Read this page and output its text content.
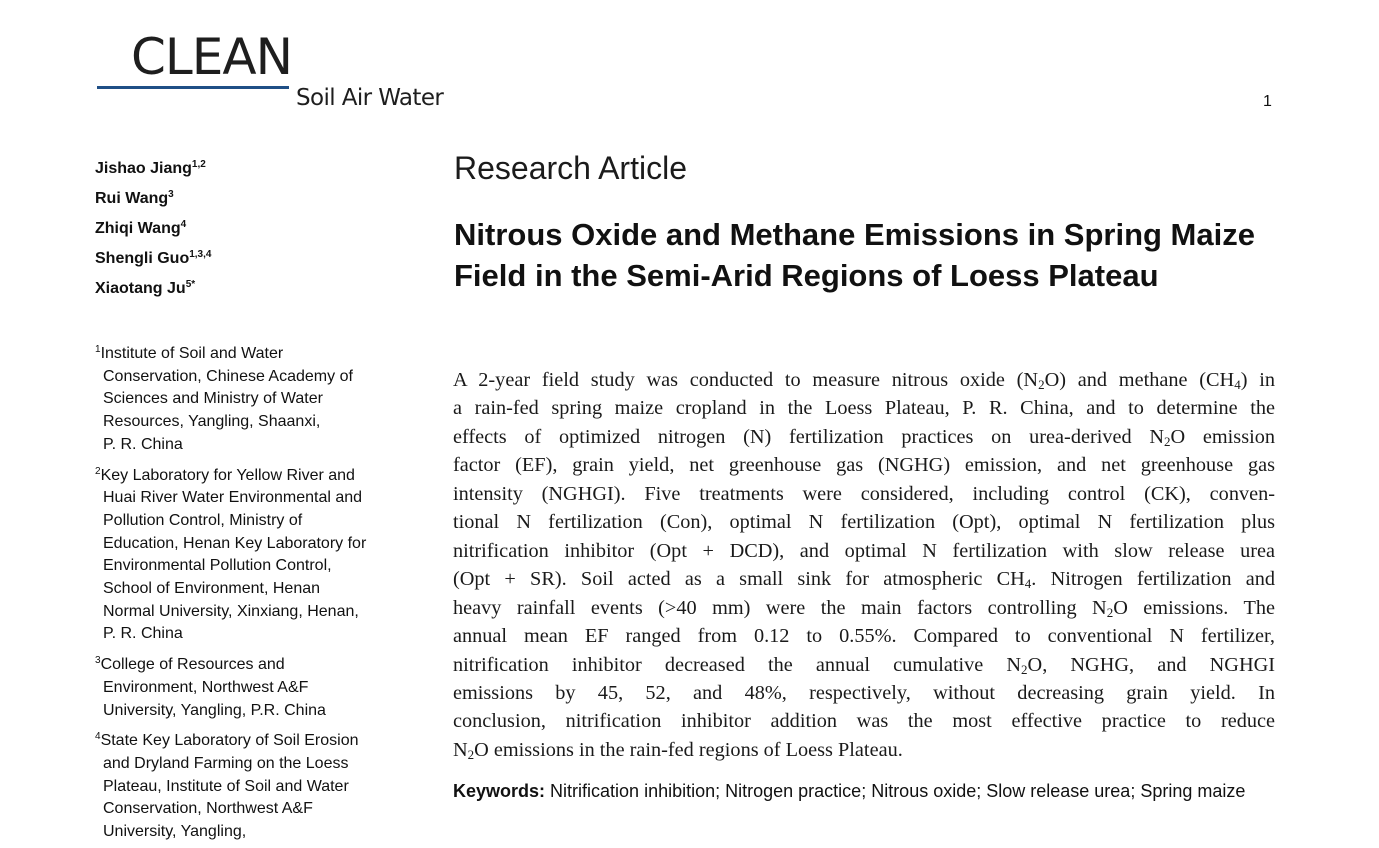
CLEAN
Soil Air Water	1
Jishao Jiang$^{1,2}$
Rui Wang$^3$
Zhiqi Wang$^4$
Shengli Guo$^{1,3,4}$
Xiaotang $Ju^{5*}$
$^1$Institute of Soil and Water
Conservation, Chinese Academy of
Sciences and Ministry of Water
Resources, Yangling, Shaanxi,
P. R. China
$^2$Key Laboratory for Yellow River and
Huai River Water Environmental and
Pollution Control, Ministry of
Education, Henan Key Laboratory for
Environmental Pollution Control,
School of Environment, Henan
Normal University, Xinxiang, Henan,
P. R. China
$^3$College of Resources and
Environment, Northwest A&F
University, Yangling, P.R. China
$^4$State Key Laboratory of Soil Erosion
and Dryland Farming on the Loess
Plateau, Institute of Soil and Water
Conservation, Northwest A&F
University, Yangling,
Research Article
Nitrous Oxide and Methane Emissions in Spring Maize Field in the Semi-Arid Regions of Loess Plateau
A 2-year field study was conducted to measure nitrous oxide $(N_2O)$ and methane $(CH_4)$ in
a rain-fed spring maize cropland in the Loess Plateau, P. R. China, and to determine the
effects of optimized nitrogen (N) fertilization practices on urea-derived $N_2O$ emission
factor (EF), grain yield, net greenhouse gas (NGHG) emission, and net greenhouse gas
intensity (NGHGI). Five treatments were considered, including control (CK), conven-
tional N fertilization (Con), optimal N fertilization (Opt), optimal N fertilization plus
nitrification inhibitor (Opt + DCD), and optimal N fertilization with slow release urea
(Opt + SR). Soil acted as a small sink for atmospheric $CH_4$. Nitrogen fertilization and
heavy rainfall events (>40 mm) were the main factors controlling $N_2O$ emissions. The
annual mean EF ranged from 0.12 to 0.55%. Compared to conventional N fertilizer,
nitrification inhibitor decreased the annual cumulative $N_2O$, NGHG, and NGHGI
emissions by 45, 52, and 48%, respectively, without decreasing grain yield. In
conclusion, nitrification inhibitor addition was the most effective practice to reduce
$N_2O$ emissions in the rain-fed regions of Loess Plateau.
Keywords: Nitrification inhibition; Nitrogen practice; Nitrous oxide; Slow release urea; Spring maize
